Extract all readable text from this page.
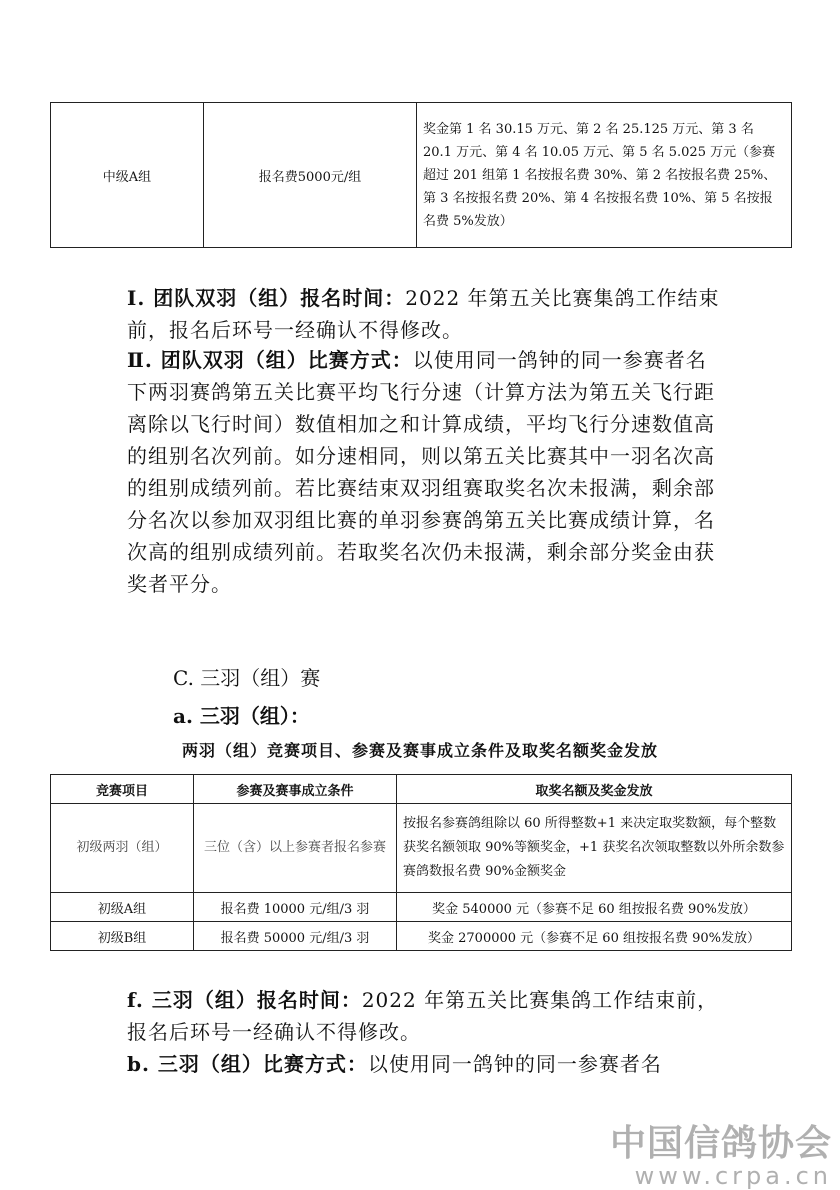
中级A组	报名费5000元/组	奖金第 1 名 30.15 万元、第 2 名 25.125 万元、第 3 名 20.1 万元、第 4 名 10.05 万元、第 5 名 5.025 万元（参赛超过 201 组第 1 名按报名费 30%、第 2 名按报名费 25%、第 3 名按报名费 20%、第 4 名按报名费 10%、第 5 名按报名费 5%发放）
Ⅰ. 团队双羽（组）报名时间：2022 年第五关比赛集鸽工作结束前，报名后环号一经确认不得修改。
Ⅱ. 团队双羽（组）比赛方式：以使用同一鸽钟的同一参赛者名下两羽赛鸽第五关比赛平均飞行分速（计算方法为第五关飞行距离除以飞行时间）数值相加之和计算成绩，平均飞行分速数值高的组别名次列前。如分速相同，则以第五关比赛其中一羽名次高的组别成绩列前。若比赛结束双羽组赛取奖名次未报满，剩余部分名次以参加双羽组比赛的单羽参赛鸽第五关比赛成绩计算，名次高的组别成绩列前。若取奖名次仍未报满，剩余部分奖金由获奖者平分。
C. 三羽（组）赛
a. 三羽（组）：
两羽（组）竞赛项目、参赛及赛事成立条件及取奖名额奖金发放
竞赛项目	参赛及赛事成立条件	取奖名额及奖金发放
初级两羽（组）	三位（含）以上参赛者报名参赛	按报名参赛鸽组除以 60 所得整数+1 来决定取奖数额，每个整数获奖名额领取 90%等额奖金，+1 获奖名次领取整数以外所余数参赛鸽数报名费 90%金额奖金
初级A组	报名费 10000 元/组/3 羽	奖金 540000 元（参赛不足 60 组按报名费 90%发放）
初级B组	报名费 50000 元/组/3 羽	奖金 2700000 元（参赛不足 60 组按报名费 90%发放）
f. 三羽（组）报名时间：2022 年第五关比赛集鸽工作结束前，报名后环号一经确认不得修改。
b. 三羽（组）比赛方式：以使用同一鸽钟的同一参赛者名
中国信鸽协会
www.crpa.cn
